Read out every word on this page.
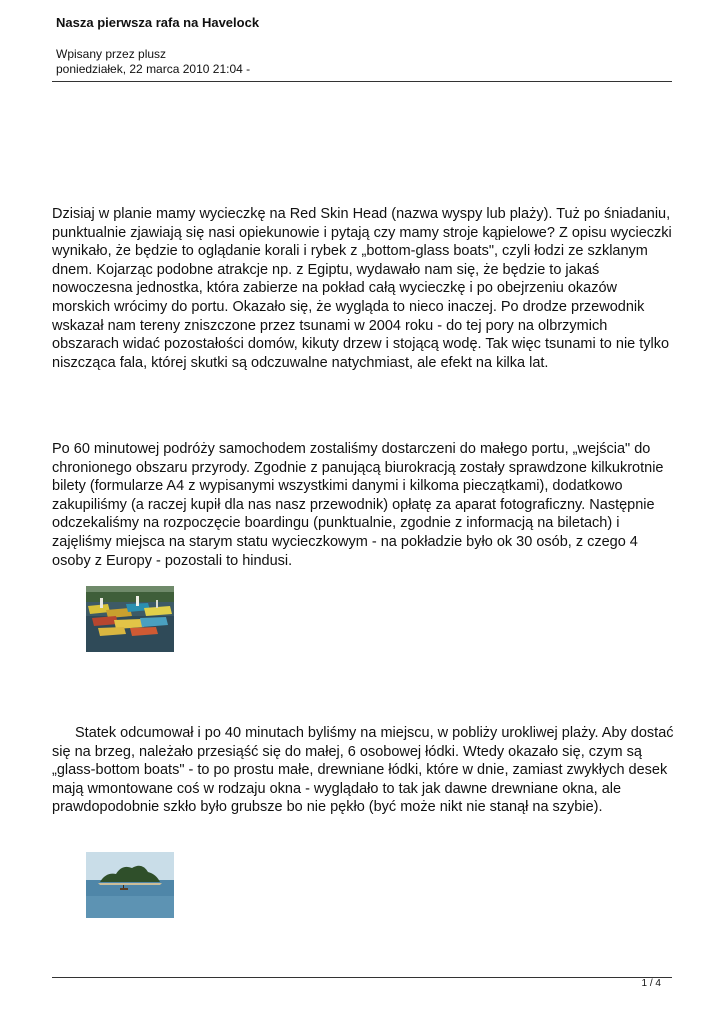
Nasza pierwsza rafa na Havelock
Wpisany przez plusz
poniedziałek, 22 marca 2010 21:04 -

Dzisiaj w planie mamy wycieczkę na Red Skin Head (nazwa wyspy lub plaży). Tuż po śniadaniu, punktualnie zjawiają się nasi opiekunowie i pytają czy mamy stroje kąpielowe? Z opisu wycieczki wynikało, że będzie to oglądanie korali i rybek z „bottom-glass boats", czyli łodzi ze szklanym dnem. Kojarząc podobne atrakcje np. z Egiptu, wydawało nam się, że będzie to jakaś nowoczesna jednostka, która zabierze na pokład całą wycieczkę i po obejrzeniu okazów morskich wrócimy do portu. Okazało się, że wygląda to nieco inaczej. Po drodze przewodnik wskazał nam tereny zniszczone przez tsunami w 2004 roku - do tej pory na olbrzymich obszarach widać pozostałości domów, kikuty drzew i stojącą wodę. Tak więc tsunami to nie tylko niszcząca fala, której skutki są odczuwalne natychmiast, ale efekt na kilka lat.

Po 60 minutowej podróży samochodem zostaliśmy dostarczeni do małego portu, „wejścia" do chronionego obszaru przyrody. Zgodnie z panującą biurokracją zostały sprawdzone kilkukrotnie bilety (formularze A4 z wypisanymi wszystkimi danymi i kilkoma pieczątkami), dodatkowo zakupiliśmy (a raczej kupił dla nas nasz przewodnik) opłatę za aparat fotograficzny. Następnie odczekaliśmy na rozpoczęcie boardingu (punktualnie, zgodnie z informacją na biletach) i zajęliśmy miejsca na starym statu wycieczkowym - na pokładzie było ok 30 osób, z czego 4 osoby z Europy - pozostali to hindusi.

Statek odcumował i po 40 minutach byliśmy na miejscu, w pobliży urokliwej plaży. Aby dostać się na brzeg, należało przesiąść się do małej, 6 osobowej łódki. Wtedy okazało się, czym są „glass-bottom boats" - to po prostu małe, drewniane łódki, które w dnie, zamiast zwykłych desek mają wmontowane coś w rodzaju okna - wyglądało to tak jak dawne drewniane okna, ale prawdopodobnie szkło było grubsze bo nie pękło (być może nikt nie stanął na szybie).

1 / 4
